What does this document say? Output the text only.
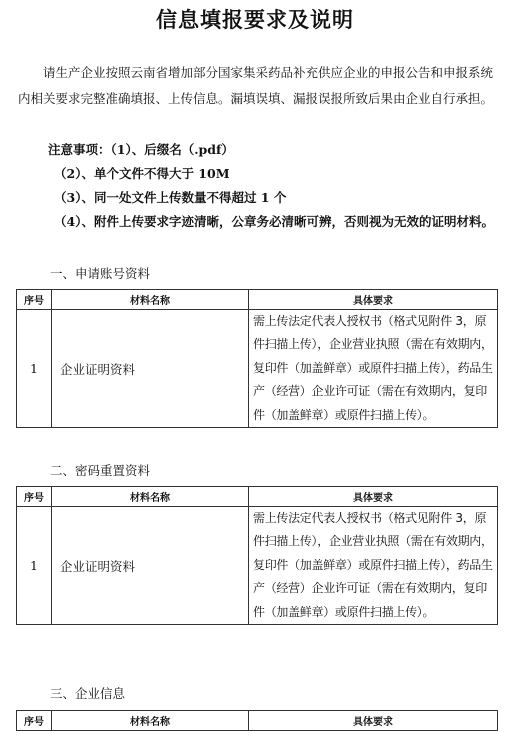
信息填报要求及说明
请生产企业按照云南省增加部分国家集采药品补充供应企业的申报公告和申报系统内相关要求完整准确填报、上传信息。漏填误填、漏报误报所致后果由企业自行承担。
注意事项：（1）、后缀名（.pdf）
（2）、单个文件不得大于 10M
（3）、同一处文件上传数量不得超过 1 个
（4）、附件上传要求字迹清晰，公章务必清晰可辨，否则视为无效的证明材料。
一、申请账号资料
序号	材料名称	具体要求
1	企业证明资料	需上传法定代表人授权书（格式见附件 3，原件扫描上传），企业营业执照（需在有效期内，复印件（加盖鲜章）或原件扫描上传），药品生产（经营）企业许可证（需在有效期内，复印件（加盖鲜章）或原件扫描上传）。
二、密码重置资料
序号	材料名称	具体要求
1	企业证明资料	需上传法定代表人授权书（格式见附件 3，原件扫描上传），企业营业执照（需在有效期内，复印件（加盖鲜章）或原件扫描上传），药品生产（经营）企业许可证（需在有效期内，复印件（加盖鲜章）或原件扫描上传）。
三、企业信息
序号	材料名称	具体要求
